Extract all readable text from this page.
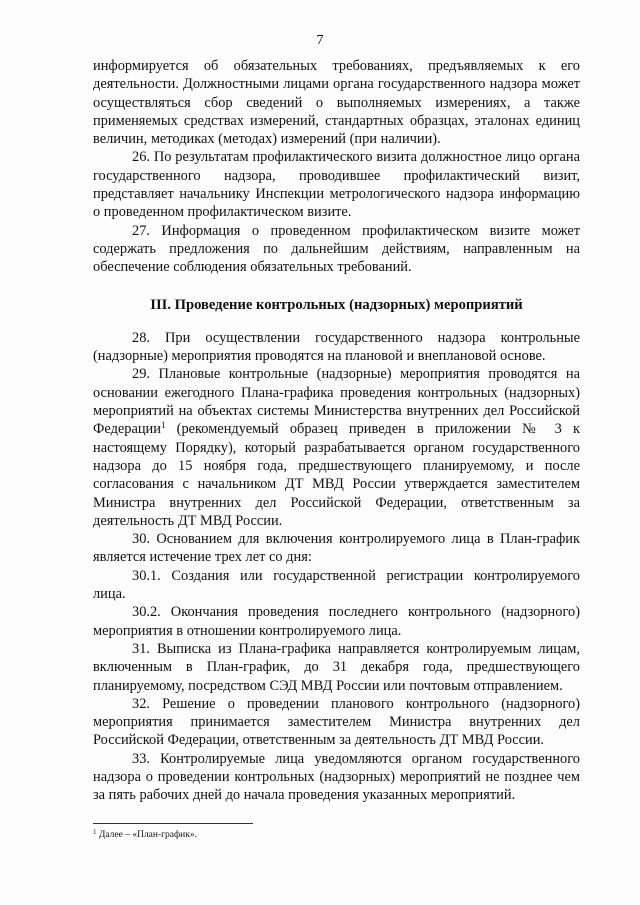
7

информируется об обязательных требованиях, предъявляемых к его деятельности. Должностными лицами органа государственного надзора может осуществляться сбор сведений о выполняемых измерениях, а также применяемых средствах измерений, стандартных образцах, эталонах единиц величин, методиках (методах) измерений (при наличии).

26. По результатам профилактического визита должностное лицо органа государственного надзора, проводившее профилактический визит, представляет начальнику Инспекции метрологического надзора информацию о проведенном профилактическом визите.

27. Информация о проведенном профилактическом визите может содержать предложения по дальнейшим действиям, направленным на обеспечение соблюдения обязательных требований.

III. Проведение контрольных (надзорных) мероприятий

28. При осуществлении государственного надзора контрольные (надзорные) мероприятия проводятся на плановой и внеплановой основе.

29. Плановые контрольные (надзорные) мероприятия проводятся на основании ежегодного Плана-графика проведения контрольных (надзорных) мероприятий на объектах системы Министерства внутренних дел Российской Федерации$^1$ (рекомендуемый образец приведен в приложении № 3 к настоящему Порядку), который разрабатывается органом государственного надзора до 15 ноября года, предшествующего планируемому, и после согласования с начальником ДТ МВД России утверждается заместителем Министра внутренних дел Российской Федерации, ответственным за деятельность ДТ МВД России.

30. Основанием для включения контролируемого лица в План-график является истечение трех лет со дня:

30.1. Создания или государственной регистрации контролируемого лица.

30.2. Окончания проведения последнего контрольного (надзорного) мероприятия в отношении контролируемого лица.

31. Выписка из Плана-графика направляется контролируемым лицам, включенным в План-график, до 31 декабря года, предшествующего планируемому, посредством СЭД МВД России или почтовым отправлением.

32. Решение о проведении планового контрольного (надзорного) мероприятия принимается заместителем Министра внутренних дел Российской Федерации, ответственным за деятельность ДТ МВД России.

33. Контролируемые лица уведомляются органом государственного надзора о проведении контрольных (надзорных) мероприятий не позднее чем за пять рабочих дней до начала проведения указанных мероприятий.

$^1$ Далее – «План-график».
